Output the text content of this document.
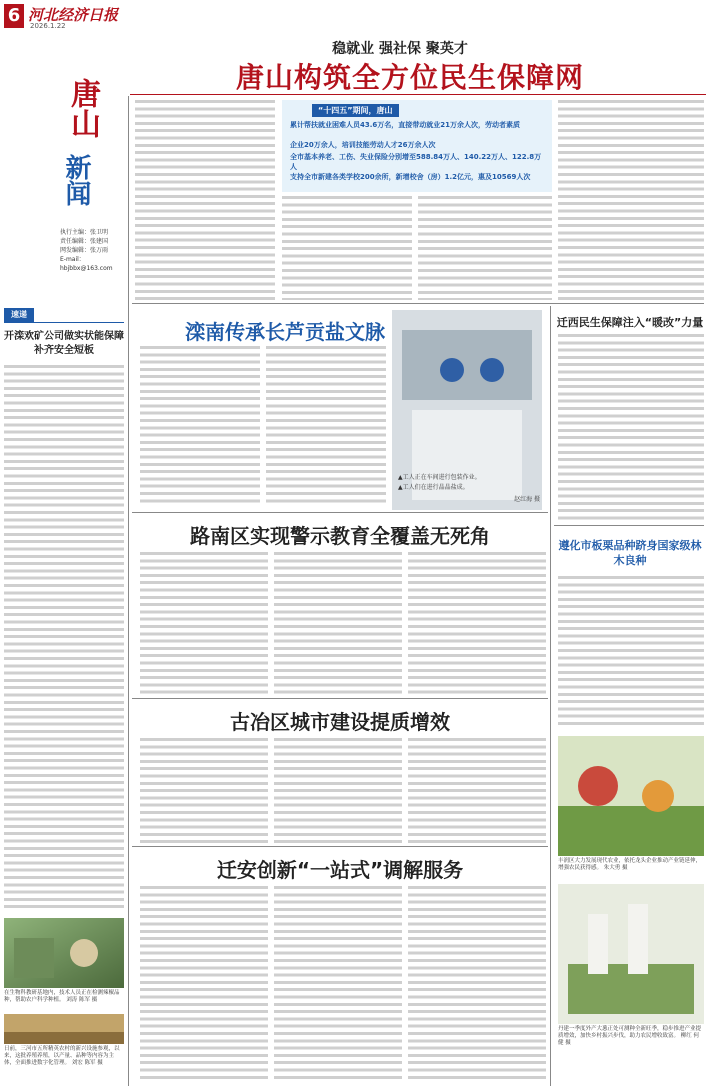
6 河北经济日报
2026.1.22
稳就业 强社保 聚英才
唐山构筑全方位民生保障网
唐山
新闻
执行主编：张卫明
责任编辑：张建国
网发编辑：张万雨
E-mail：hbjbbx@163.com
速递
开滦欢矿公司做实状能保障 补齐安全短板
在生物科教研基地内，技术人员正在检测辣椒品种，帮助农户科学种植。 刘涛 陈军 摄
日前，三河市五所精英农村的新兴设施参观，以来，这批养殖养殖，以产量、品种等内容为主体，全面推进数字化管理。 刘宏 陈军 摄
“十四五”期间，唐山
累计帮扶就业困难人员43.6万名，直接带动就业21万余人次，劳动者素质
企业20万余人，培训技能劳动人才26万余人次
全市基本养老、工伤、失业保险分别增至588.84万人、140.22万人、122.8万人
支持全市新建各类学校200余所，新增校舍（房）1.2亿元，惠及10569人次
滦南传承长芦贡盐文脉
▲工人正在车间进行包装作业。
▲工人们在进行晶晶盐成。
赵红海 摄
迁西民生保障注入“暖改”力量
路南区实现警示教育全覆盖无死角	遵化市板栗品种跻身国家级林木良种
古冶区城市建设提质增效
丰润区大力发展现代农业，依托龙头企业推动产业链延伸，增强农民获得感。 朱大勇 摄
迁安创新“一站式”调解服务
丹建一季度外产大葱正处可测种全新旺季，稳步推进产业提质增效，加快乡村振兴步伐，助力农民增收致富。 柳红 何健 摄
